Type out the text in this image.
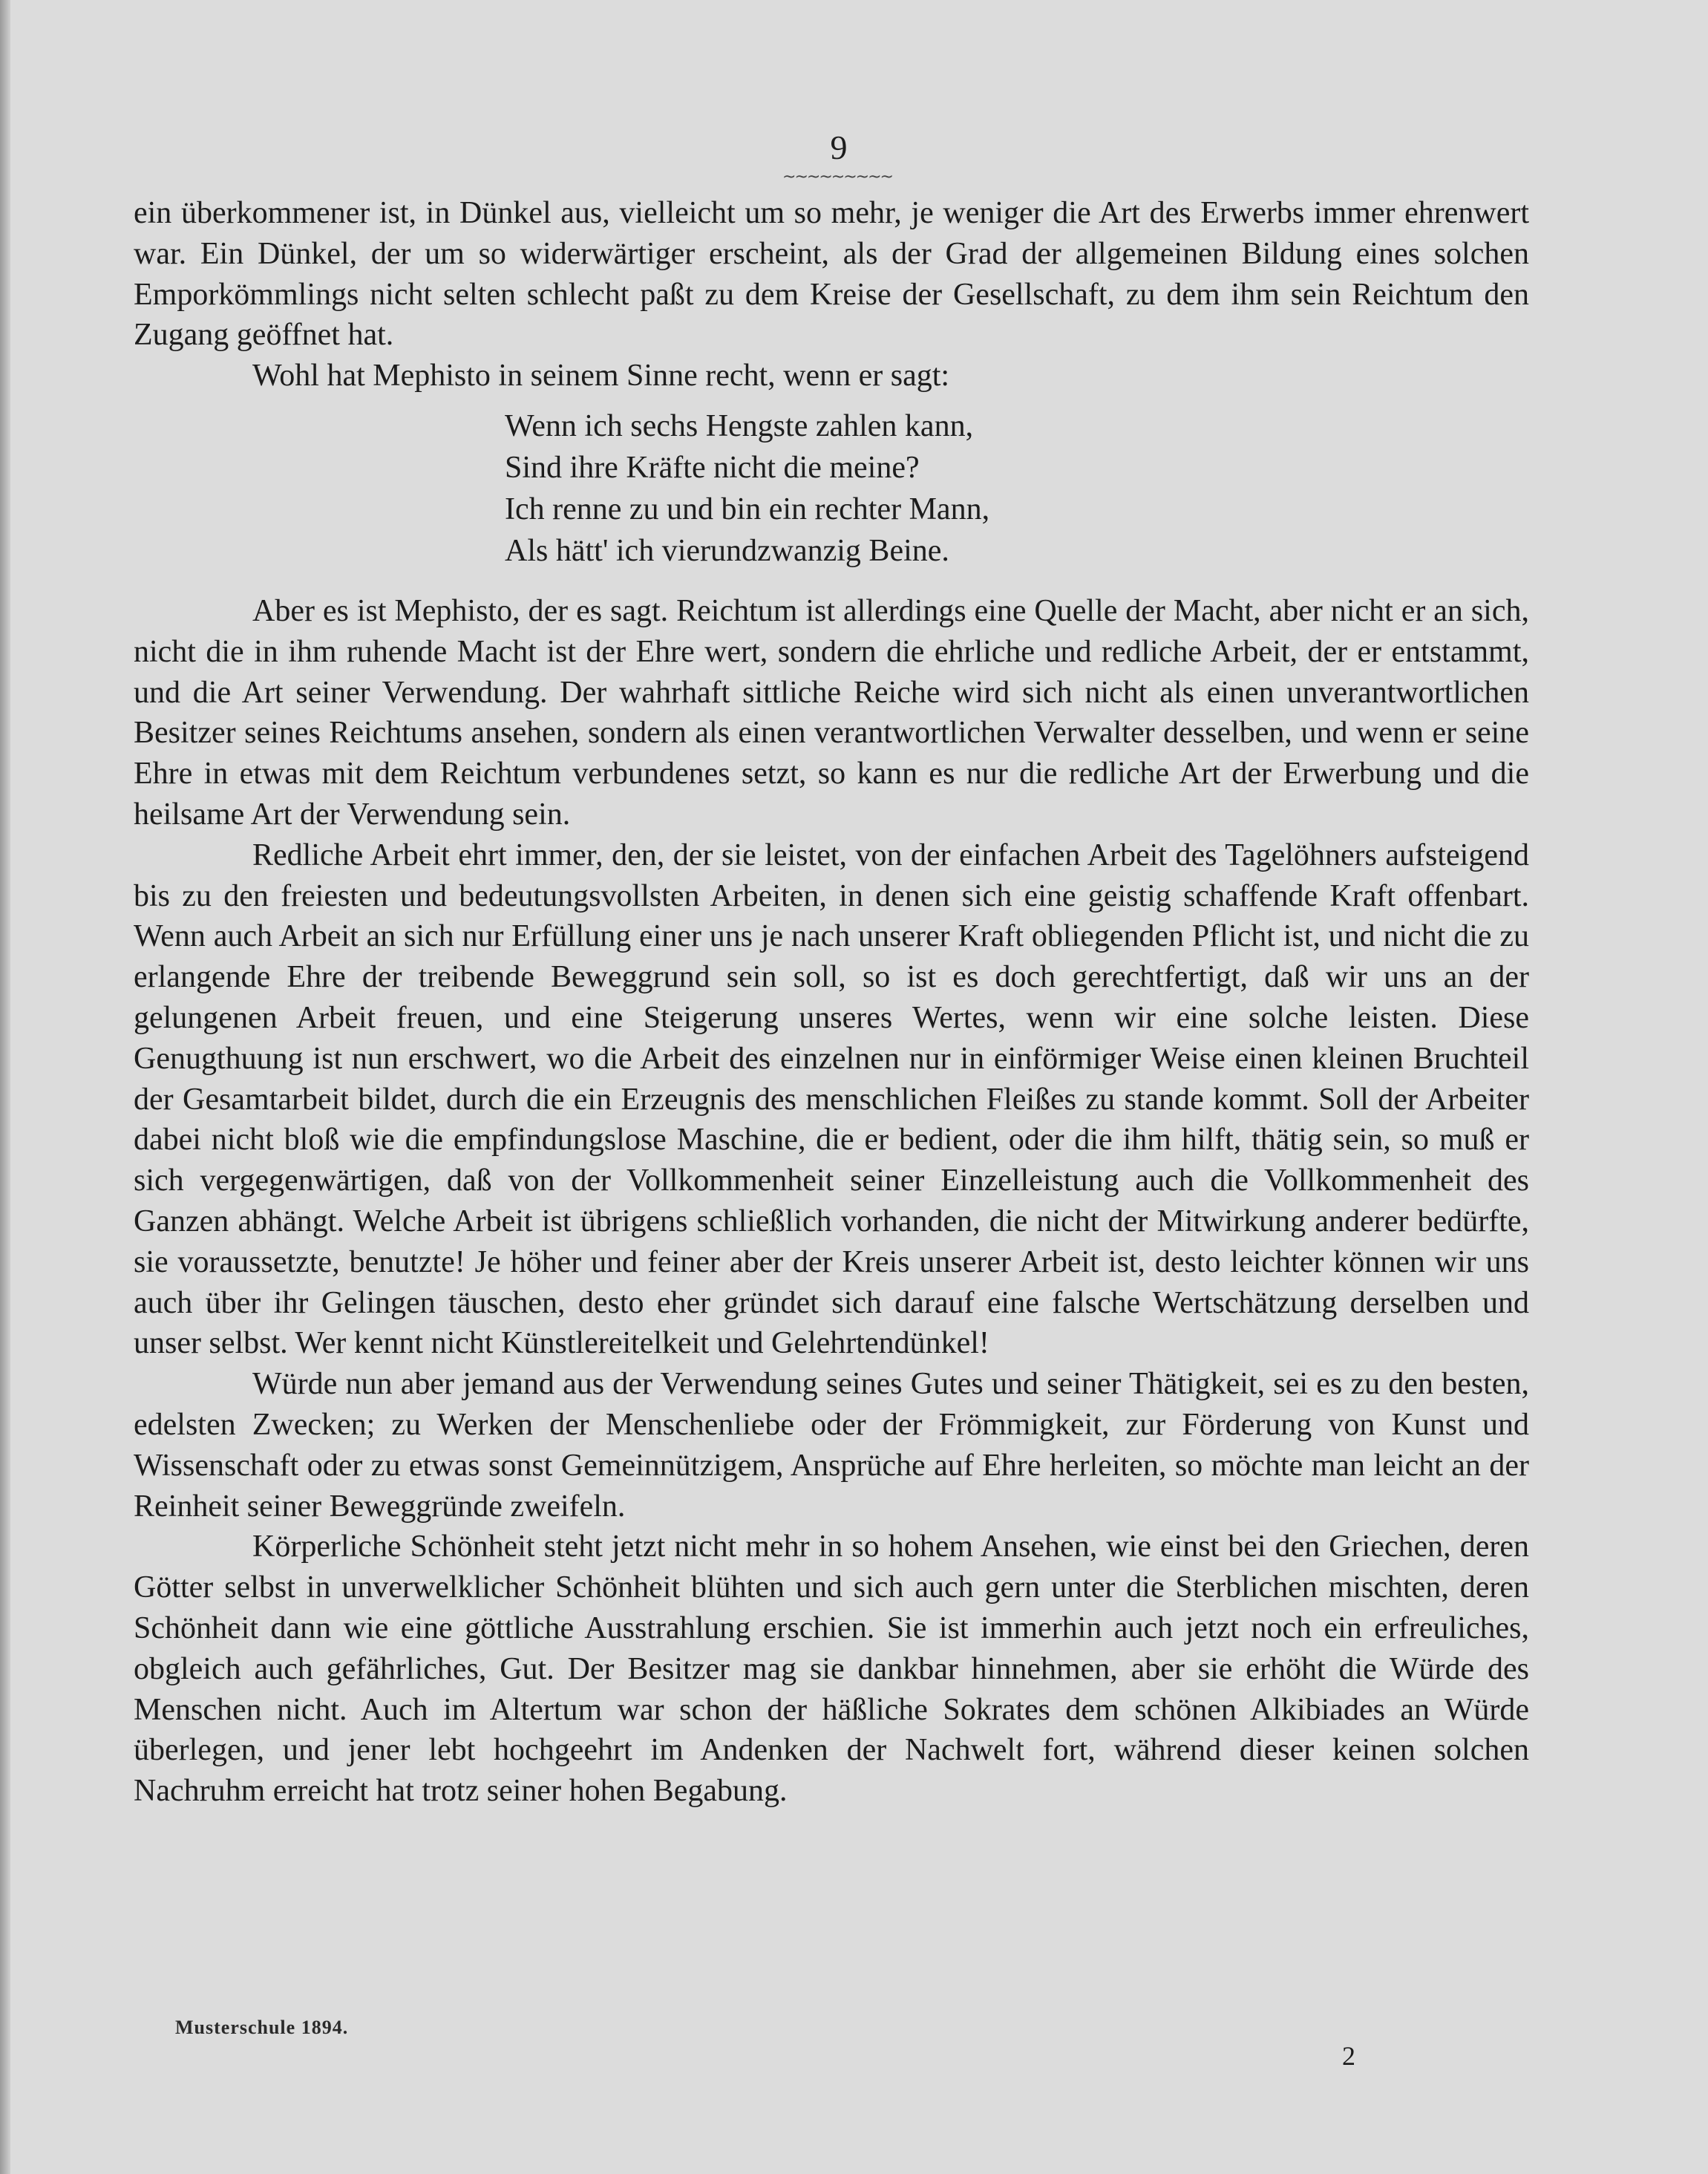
9
~~~~~~~~~

ein überkommener ist, in Dünkel aus, vielleicht um so mehr, je weniger die Art des Erwerbs immer ehrenwert war. Ein Dünkel, der um so widerwärtiger erscheint, als der Grad der allgemeinen Bildung eines solchen Emporkömmlings nicht selten schlecht paßt zu dem Kreise der Gesellschaft, zu dem ihm sein Reichtum den Zugang geöffnet hat.

Wohl hat Mephisto in seinem Sinne recht, wenn er sagt:

Wenn ich sechs Hengste zahlen kann,
Sind ihre Kräfte nicht die meine?
Ich renne zu und bin ein rechter Mann,
Als hätt' ich vierundzwanzig Beine.

Aber es ist Mephisto, der es sagt. Reichtum ist allerdings eine Quelle der Macht, aber nicht er an sich, nicht die in ihm ruhende Macht ist der Ehre wert, sondern die ehrliche und redliche Arbeit, der er entstammt, und die Art seiner Verwendung. Der wahrhaft sittliche Reiche wird sich nicht als einen unverantwortlichen Besitzer seines Reichtums ansehen, sondern als einen verantwortlichen Verwalter desselben, und wenn er seine Ehre in etwas mit dem Reichtum verbundenes setzt, so kann es nur die redliche Art der Erwerbung und die heilsame Art der Verwendung sein.

Redliche Arbeit ehrt immer, den, der sie leistet, von der einfachen Arbeit des Tagelöhners aufsteigend bis zu den freiesten und bedeutungsvollsten Arbeiten, in denen sich eine geistig schaffende Kraft offenbart. Wenn auch Arbeit an sich nur Erfüllung einer uns je nach unserer Kraft obliegenden Pflicht ist, und nicht die zu erlangende Ehre der treibende Beweggrund sein soll, so ist es doch gerechtfertigt, daß wir uns an der gelungenen Arbeit freuen, und eine Steigerung unseres Wertes, wenn wir eine solche leisten. Diese Genugthuung ist nun erschwert, wo die Arbeit des einzelnen nur in einförmiger Weise einen kleinen Bruchteil der Gesamtarbeit bildet, durch die ein Erzeugnis des menschlichen Fleißes zu stande kommt. Soll der Arbeiter dabei nicht bloß wie die empfindungslose Maschine, die er bedient, oder die ihm hilft, thätig sein, so muß er sich vergegenwärtigen, daß von der Vollkommenheit seiner Einzelleistung auch die Vollkommenheit des Ganzen abhängt. Welche Arbeit ist übrigens schließlich vorhanden, die nicht der Mitwirkung anderer bedürfte, sie voraussetzte, benutzte! Je höher und feiner aber der Kreis unserer Arbeit ist, desto leichter können wir uns auch über ihr Gelingen täuschen, desto eher gründet sich darauf eine falsche Wertschätzung derselben und unser selbst. Wer kennt nicht Künstlereitelkeit und Gelehrtendünkel!

Würde nun aber jemand aus der Verwendung seines Gutes und seiner Thätigkeit, sei es zu den besten, edelsten Zwecken; zu Werken der Menschenliebe oder der Frömmigkeit, zur Förderung von Kunst und Wissenschaft oder zu etwas sonst Gemeinnützigem, Ansprüche auf Ehre herleiten, so möchte man leicht an der Reinheit seiner Beweggründe zweifeln.

Körperliche Schönheit steht jetzt nicht mehr in so hohem Ansehen, wie einst bei den Griechen, deren Götter selbst in unverwelklicher Schönheit blühten und sich auch gern unter die Sterblichen mischten, deren Schönheit dann wie eine göttliche Ausstrahlung erschien. Sie ist immerhin auch jetzt noch ein erfreuliches, obgleich auch gefährliches, Gut. Der Besitzer mag sie dankbar hinnehmen, aber sie erhöht die Würde des Menschen nicht. Auch im Altertum war schon der häßliche Sokrates dem schönen Alkibiades an Würde überlegen, und jener lebt hochgeehrt im Andenken der Nachwelt fort, während dieser keinen solchen Nachruhm erreicht hat trotz seiner hohen Begabung.

Musterschule 1894.
2
